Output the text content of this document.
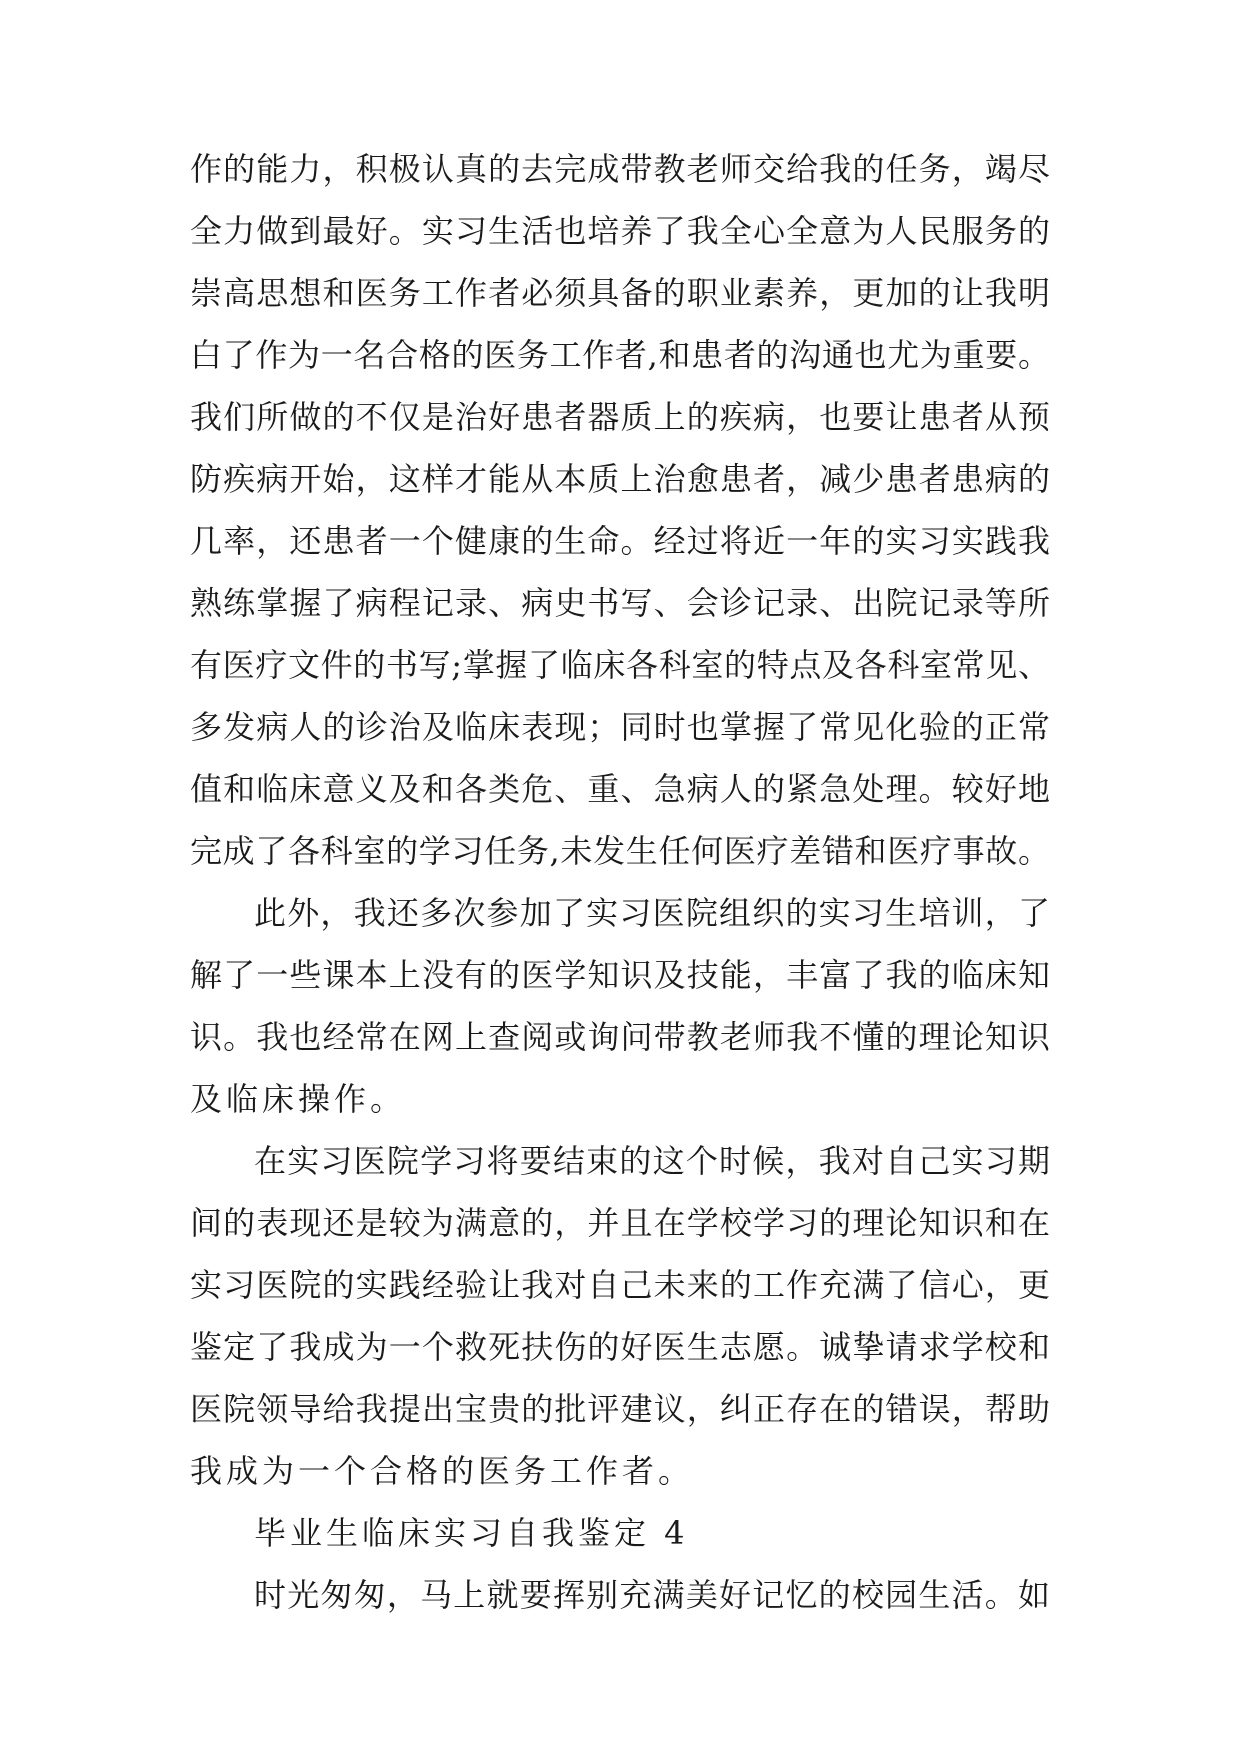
作的能力，积极认真的去完成带教老师交给我的任务，竭尽
全力做到最好。实习生活也培养了我全心全意为人民服务的
崇高思想和医务工作者必须具备的职业素养，更加的让我明
白了作为一名合格的医务工作者,和患者的沟通也尤为重要。
我们所做的不仅是治好患者器质上的疾病，也要让患者从预
防疾病开始，这样才能从本质上治愈患者，减少患者患病的
几率，还患者一个健康的生命。经过将近一年的实习实践我
熟练掌握了病程记录、病史书写、会诊记录、出院记录等所
有医疗文件的书写;掌握了临床各科室的特点及各科室常见、
多发病人的诊治及临床表现；同时也掌握了常见化验的正常
值和临床意义及和各类危、重、急病人的紧急处理。较好地
完成了各科室的学习任务,未发生任何医疗差错和医疗事故。
此外，我还多次参加了实习医院组织的实习生培训，了
解了一些课本上没有的医学知识及技能，丰富了我的临床知
识。我也经常在网上查阅或询问带教老师我不懂的理论知识
及临床操作。
在实习医院学习将要结束的这个时候，我对自己实习期
间的表现还是较为满意的，并且在学校学习的理论知识和在
实习医院的实践经验让我对自己未来的工作充满了信心，更
鉴定了我成为一个救死扶伤的好医生志愿。诚挚请求学校和
医院领导给我提出宝贵的批评建议，纠正存在的错误，帮助
我成为一个合格的医务工作者。
毕业生临床实习自我鉴定 4
时光匆匆，马上就要挥别充满美好记忆的校园生活。如
